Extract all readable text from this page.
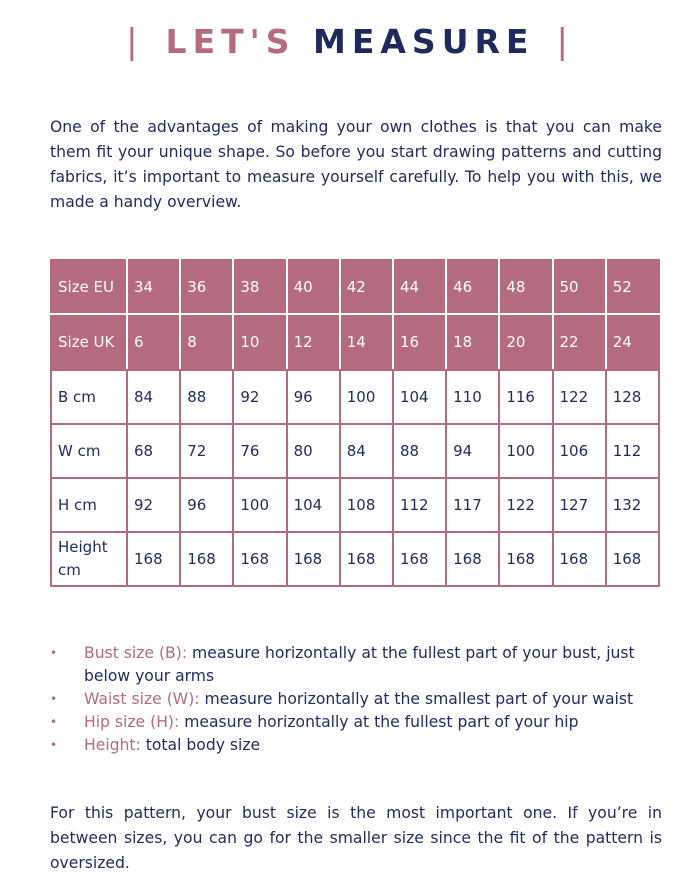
| LET'S MEASURE |

One of the advantages of making your own clothes is that you can make them fit your unique shape. So before you start drawing patterns and cutting fabrics, it’s important to measure yourself carefully. To help you with this, we made a handy overview.

Size EU	34	36	38	40	42	44	46	48	50	52
Size UK	6	8	10	12	14	16	18	20	22	24
B cm	84	88	92	96	100	104	110	116	122	128
W cm	68	72	76	80	84	88	94	100	106	112
H cm	92	96	100	104	108	112	117	122	127	132
Height cm	168	168	168	168	168	168	168	168	168	168
• Bust size (B): measure horizontally at the fullest part of your bust, just below your arms
• Waist size (W): measure horizontally at the smallest part of your waist
• Hip size (H): measure horizontally at the fullest part of your hip
• Height: total body size

For this pattern, your bust size is the most important one. If you’re in between sizes, you can go for the smaller size since the fit of the pattern is oversized.
